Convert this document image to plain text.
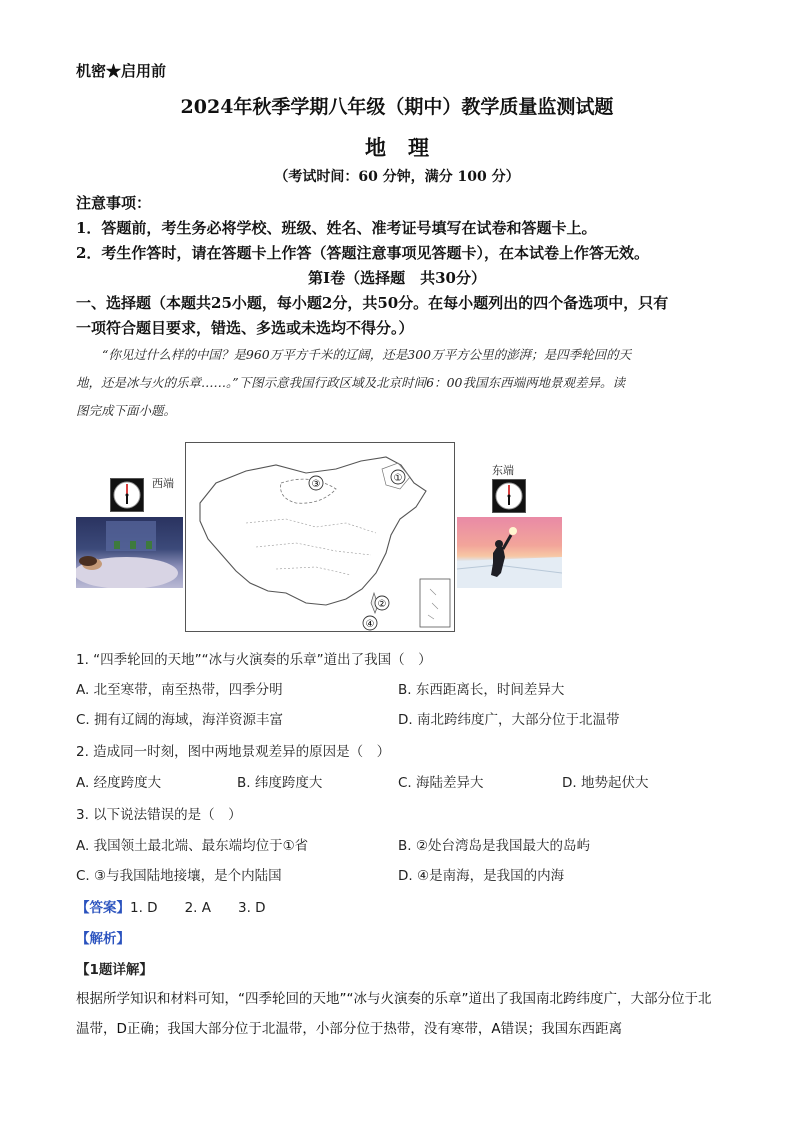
机密★启用前
2024年秋季学期八年级（期中）教学质量监测试题
地理
（考试时间：60 分钟，满分 100 分）
注意事项：
1．答题前，考生务必将学校、班级、姓名、准考证号填写在试卷和答题卡上。
2．考生作答时，请在答题卡上作答（答题注意事项见答题卡），在本试卷上作答无效。
第Ⅰ卷（选择题　共30分）
一、选择题（本题共25小题，每小题2分，共50分。在每小题列出的四个备选项中，只有
一项符合题目要求，错选、多选或未选均不得分。）
“你见过什么样的中国？是960万平方千米的辽阔，还是300万平方公里的澎湃；是四季轮回的天
地，还是冰与火的乐章……。”下图示意我国行政区域及北京时间6：00我国东西端两地景观差异。读
图完成下面小题。
西端	①
②
③
④
东端
1. “四季轮回的天地”“冰与火演奏的乐章”道出了我国（　）
A. 北至寒带，南至热带，四季分明	B. 东西距离长，时间差异大
C. 拥有辽阔的海域，海洋资源丰富	D. 南北跨纬度广，大部分位于北温带
2. 造成同一时刻，图中两地景观差异的原因是（　）
A. 经度跨度大	B. 纬度跨度大	C. 海陆差异大	D. 地势起伏大
3. 以下说法错误的是（　）
A. 我国领土最北端、最东端均位于①省	B. ②处台湾岛是我国最大的岛屿
C. ③与我国陆地接壤，是个内陆国	D. ④是南海，是我国的内海
【答案】1. D　　2. A　　3. D
【解析】
【1题详解】
根据所学知识和材料可知，“四季轮回的天地”“冰与火演奏的乐章”道出了我国南北跨纬度广，大部分位于北温带，D正确；我国大部分位于北温带，小部分位于热带，没有寒带，A错误；我国东西距离
